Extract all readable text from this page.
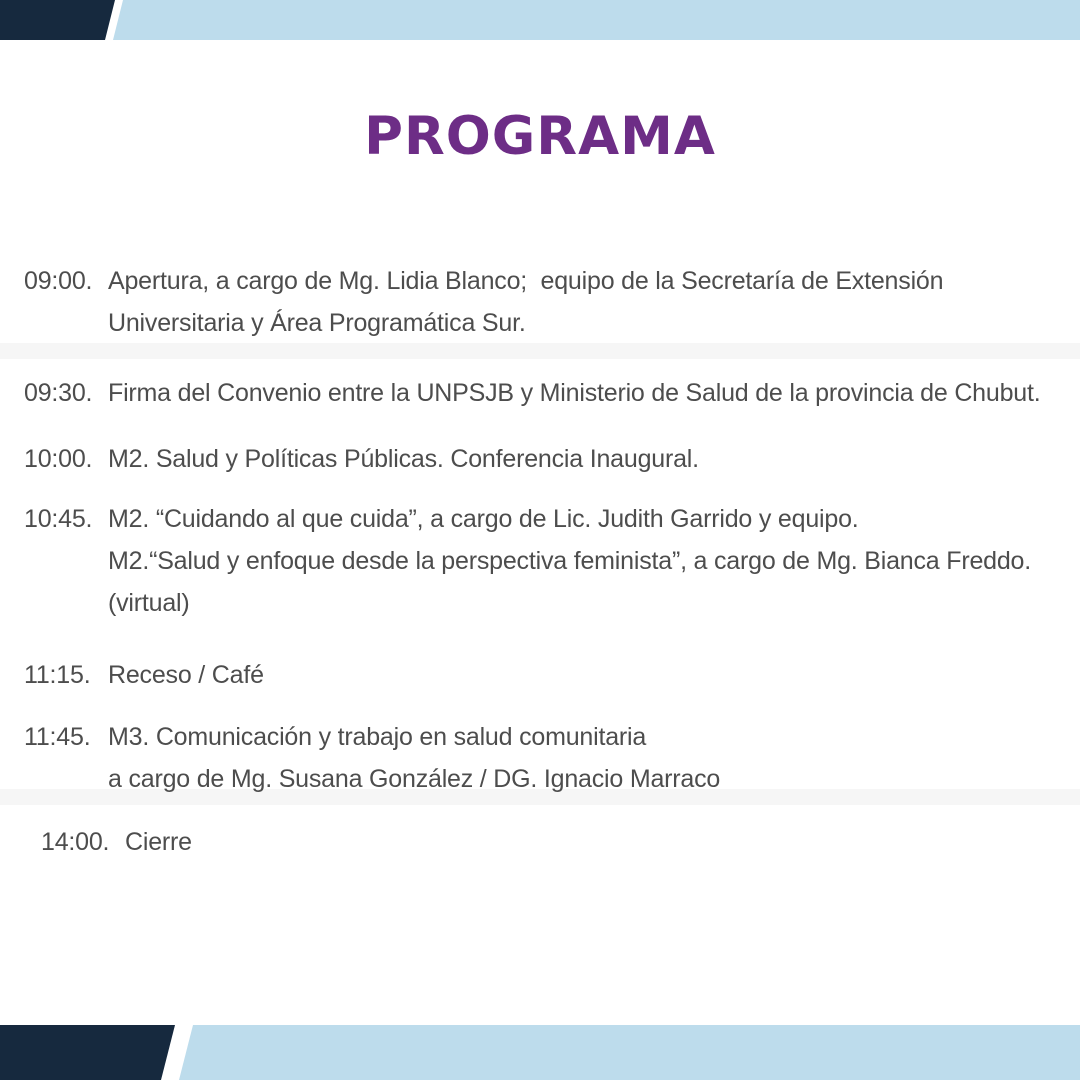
PROGRAMA
09:00. Apertura, a cargo de Mg. Lidia Blanco;  equipo de la Secretaría de Extensión
Universitaria y Área Programática Sur.
09:30. Firma del Convenio entre la UNPSJB y Ministerio de Salud de la provincia de Chubut.
10:00. M2. Salud y Políticas Públicas. Conferencia Inaugural.
10:45. M2. “Cuidando al que cuida”, a cargo de Lic. Judith Garrido y equipo.
M2.“Salud y enfoque desde la perspectiva feminista”, a cargo de Mg. Bianca Freddo.
(virtual)
11:15. Receso / Café
11:45. M3. Comunicación y trabajo en salud comunitaria
a cargo de Mg. Susana González / DG. Ignacio Marraco
14:00. Cierre
